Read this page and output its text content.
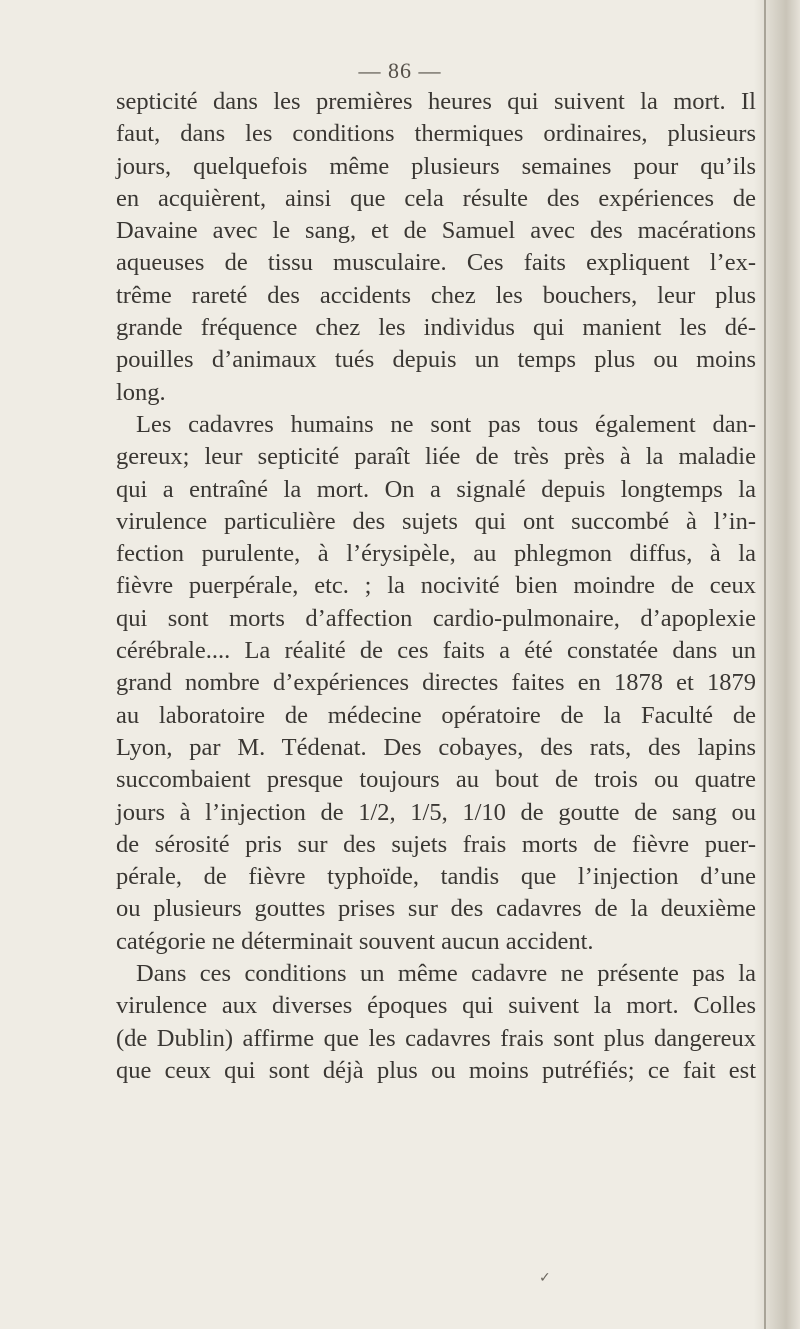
— 86 —
septicité dans les premières heures qui suivent la mort. Il
faut, dans les conditions thermiques ordinaires, plusieurs
jours, quelquefois même plusieurs semaines pour qu’ils
en acquièrent, ainsi que cela résulte des expériences de
Davaine avec le sang, et de Samuel avec des macérations
aqueuses de tissu musculaire. Ces faits expliquent l’ex-
trême rareté des accidents chez les bouchers, leur plus
grande fréquence chez les individus qui manient les dé-
pouilles d’animaux tués depuis un temps plus ou moins
long.
Les cadavres humains ne sont pas tous également dan-
gereux; leur septicité paraît liée de très près à la maladie
qui a entraîné la mort. On a signalé depuis longtemps la
virulence particulière des sujets qui ont succombé à l’in-
fection purulente, à l’érysipèle, au phlegmon diffus, à la
fièvre puerpérale, etc. ; la nocivité bien moindre de ceux
qui sont morts d’affection cardio-pulmonaire, d’apoplexie
cérébrale.... La réalité de ces faits a été constatée dans un
grand nombre d’expériences directes faites en 1878 et 1879
au laboratoire de médecine opératoire de la Faculté de
Lyon, par M. Tédenat. Des cobayes, des rats, des lapins
succombaient presque toujours au bout de trois ou quatre
jours à l’injection de 1/2, 1/5, 1/10 de goutte de sang ou
de sérosité pris sur des sujets frais morts de fièvre puer-
pérale, de fièvre typhoïde, tandis que l’injection d’une
ou plusieurs gouttes prises sur des cadavres de la deuxième
catégorie ne déterminait souvent aucun accident.
Dans ces conditions un même cadavre ne présente pas la
virulence aux diverses époques qui suivent la mort. Colles
(de Dublin) affirme que les cadavres frais sont plus dangereux
que ceux qui sont déjà plus ou moins putréfiés; ce fait est
✓
